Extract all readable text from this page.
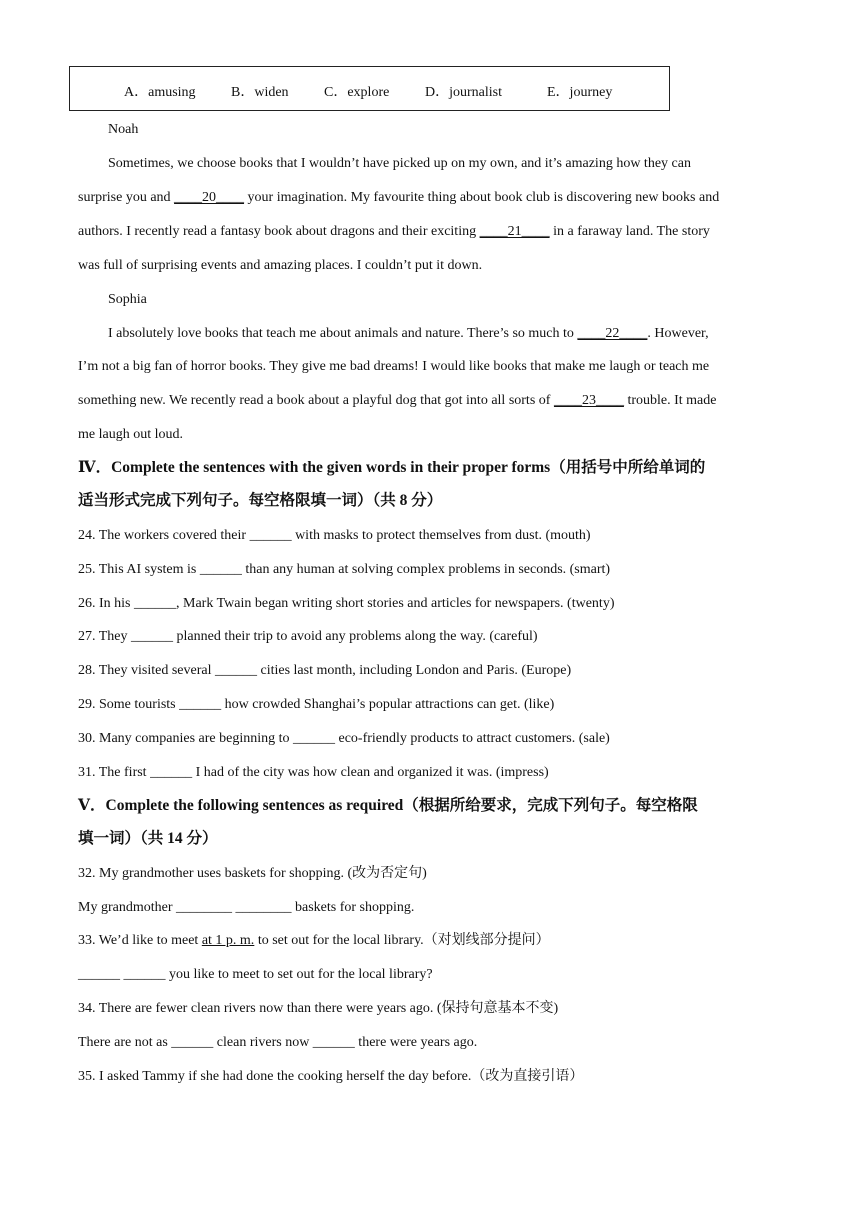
A．amusing	B．widen	C．explore	D．journalist	E．journey
Noah
Sometimes, we choose books that I wouldn’t have picked up on my own, and it’s amazing how they can
surprise you and ____20____ your imagination. My favourite thing about book club is discovering new books and
authors. I recently read a fantasy book about dragons and their exciting ____21____ in a faraway land. The story
was full of surprising events and amazing places. I couldn’t put it down.
Sophia
I absolutely love books that teach me about animals and nature. There’s so much to ____22____. However,
I’m not a big fan of horror books. They give me bad dreams! I would like books that make me laugh or teach me
something new. We recently read a book about a playful dog that got into all sorts of ____23____ trouble. It made
me laugh out loud.
Ⅳ．Complete the sentences with the given words in their proper forms（用括号中所给单词的
适当形式完成下列句子。每空格限填一词）（共 8 分）
24. The workers covered their ______ with masks to protect themselves from dust. (mouth)
25. This AI system is ______ than any human at solving complex problems in seconds. (smart)
26. In his ______, Mark Twain began writing short stories and articles for newspapers. (twenty)
27. They ______ planned their trip to avoid any problems along the way. (careful)
28. They visited several ______ cities last month, including London and Paris. (Europe)
29. Some tourists ______ how crowded Shanghai’s popular attractions can get. (like)
30. Many companies are beginning to ______ eco-friendly products to attract customers. (sale)
31. The first ______ I had of the city was how clean and organized it was. (impress)
Ⅴ．Complete the following sentences as required（根据所给要求，完成下列句子。每空格限
填一词）（共 14 分）
32. My grandmother uses baskets for shopping. (改为否定句)
My grandmother ________ ________ baskets for shopping.
33. We’d like to meet at 1 p. m. to set out for the local library.（对划线部分提问）
______ ______ you like to meet to set out for the local library?
34. There are fewer clean rivers now than there were years ago. (保持句意基本不变)
There are not as ______ clean rivers now ______ there were years ago.
35. I asked Tammy if she had done the cooking herself the day before.（改为直接引语）
